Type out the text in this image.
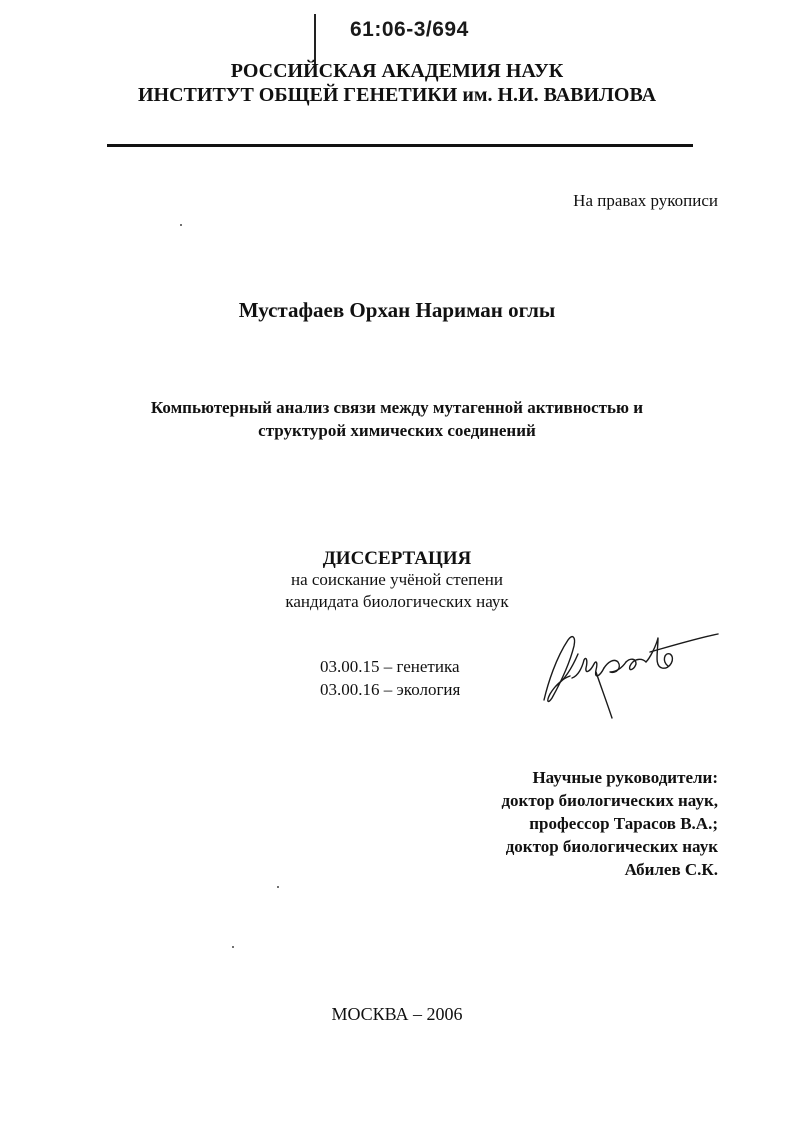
61:06-3/694
РОССИЙСКАЯ АКАДЕМИЯ НАУК
ИНСТИТУТ ОБЩЕЙ ГЕНЕТИКИ им. Н.И. ВАВИЛОВА
На правах рукописи
Мустафаев Орхан Нариман оглы
Компьютерный анализ связи между мутагенной активностью и
структурой химических соединений
ДИССЕРТАЦИЯ
на соискание учёной степени
кандидата биологических наук
03.00.15 – генетика
03.00.16 – экология
Научные руководители:
доктор биологических наук,
профессор Тарасов В.А.;
доктор биологических наук
Абилев С.К.
МОСКВА – 2006
